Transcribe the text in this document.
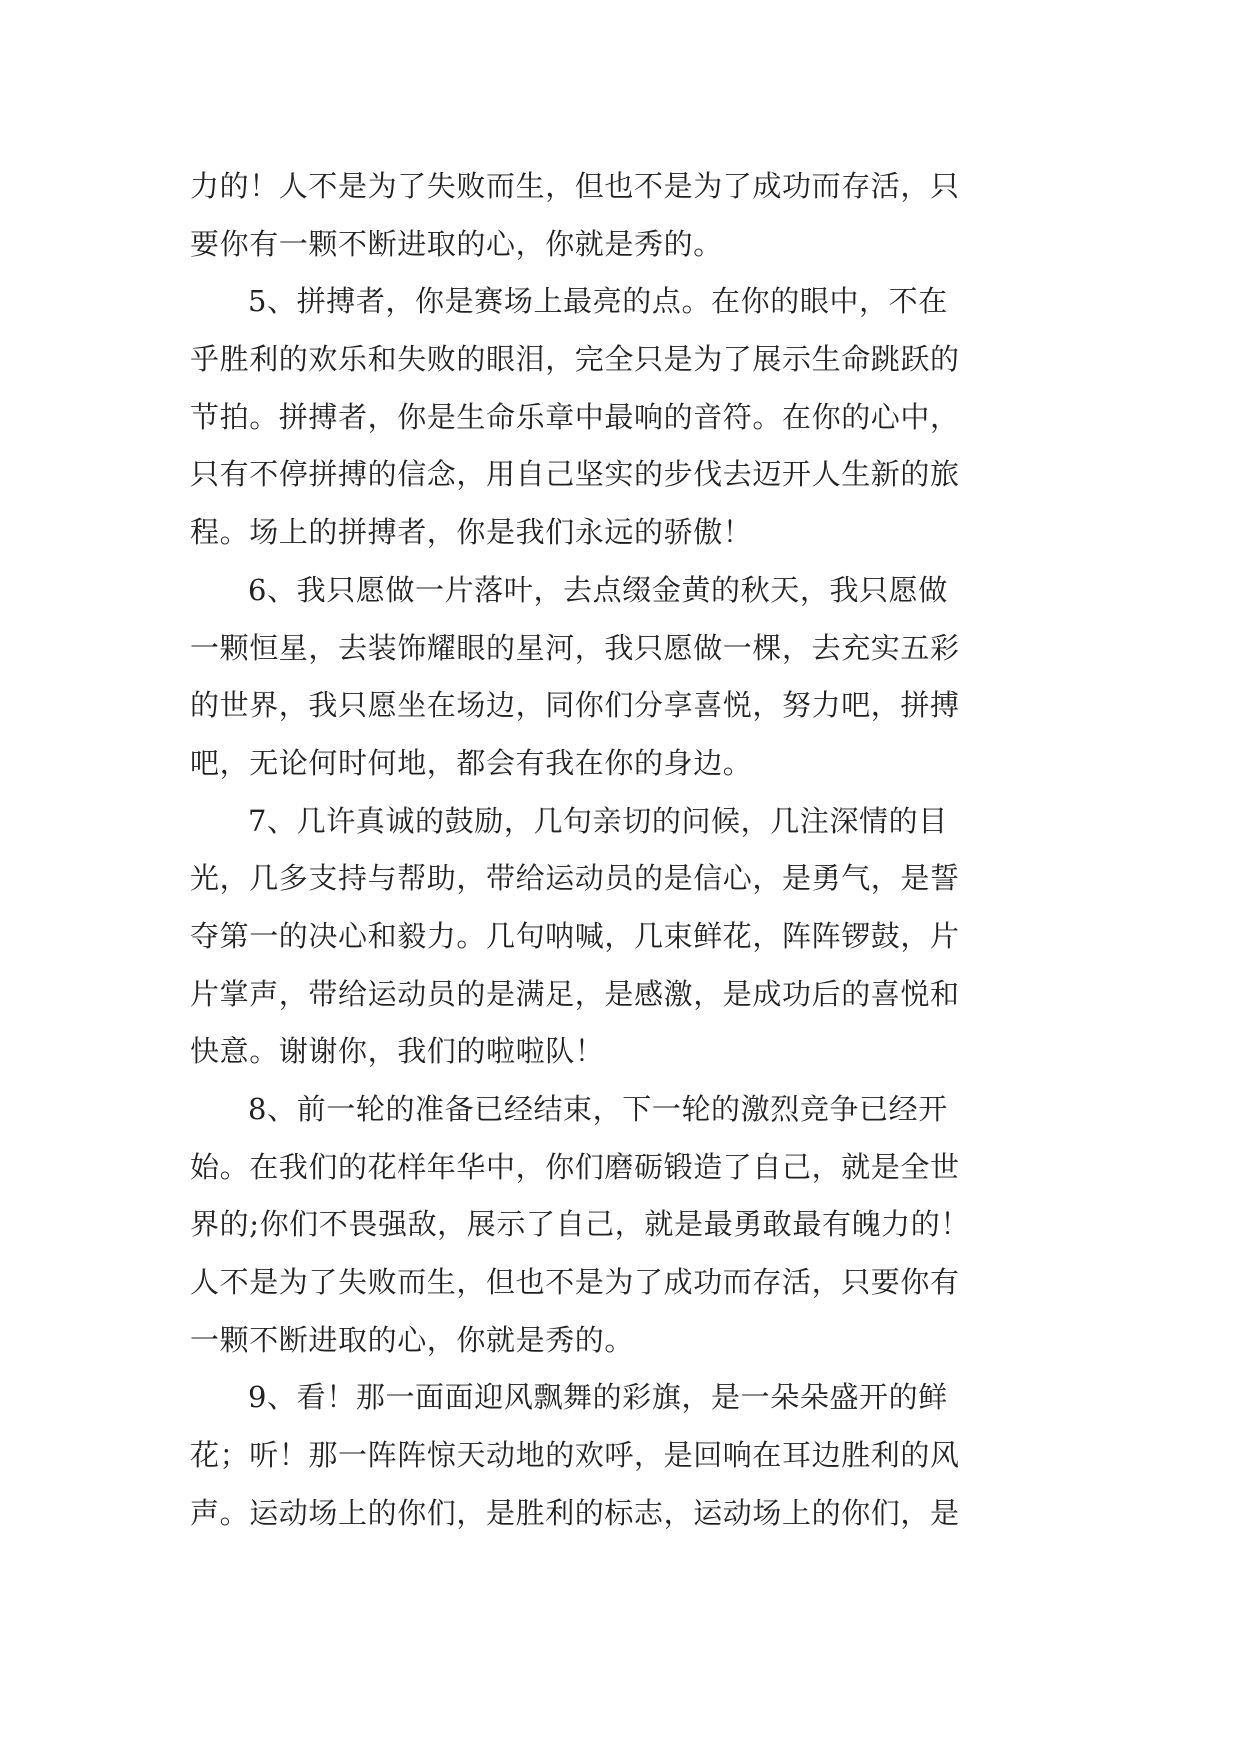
力的！人不是为了失败而生，但也不是为了成功而存活，只
要你有一颗不断进取的心，你就是秀的。
5、拼搏者，你是赛场上最亮的点。在你的眼中，不在
乎胜利的欢乐和失败的眼泪，完全只是为了展示生命跳跃的
节拍。拼搏者，你是生命乐章中最响的音符。在你的心中，
只有不停拼搏的信念，用自己坚实的步伐去迈开人生新的旅
程。场上的拼搏者，你是我们永远的骄傲！
6、我只愿做一片落叶，去点缀金黄的秋天，我只愿做
一颗恒星，去装饰耀眼的星河，我只愿做一棵，去充实五彩
的世界，我只愿坐在场边，同你们分享喜悦，努力吧，拼搏
吧，无论何时何地，都会有我在你的身边。
7、几许真诚的鼓励，几句亲切的问候，几注深情的目
光，几多支持与帮助，带给运动员的是信心，是勇气，是誓
夺第一的决心和毅力。几句呐喊，几束鲜花，阵阵锣鼓，片
片掌声，带给运动员的是满足，是感激，是成功后的喜悦和
快意。谢谢你，我们的啦啦队！
8、前一轮的准备已经结束，下一轮的激烈竞争已经开
始。在我们的花样年华中，你们磨砺锻造了自己，就是全世
界的;你们不畏强敌，展示了自己，就是最勇敢最有魄力的！
人不是为了失败而生，但也不是为了成功而存活，只要你有
一颗不断进取的心，你就是秀的。
9、看！那一面面迎风飘舞的彩旗，是一朵朵盛开的鲜
花；听！那一阵阵惊天动地的欢呼，是回响在耳边胜利的风
声。运动场上的你们，是胜利的标志，运动场上的你们，是
